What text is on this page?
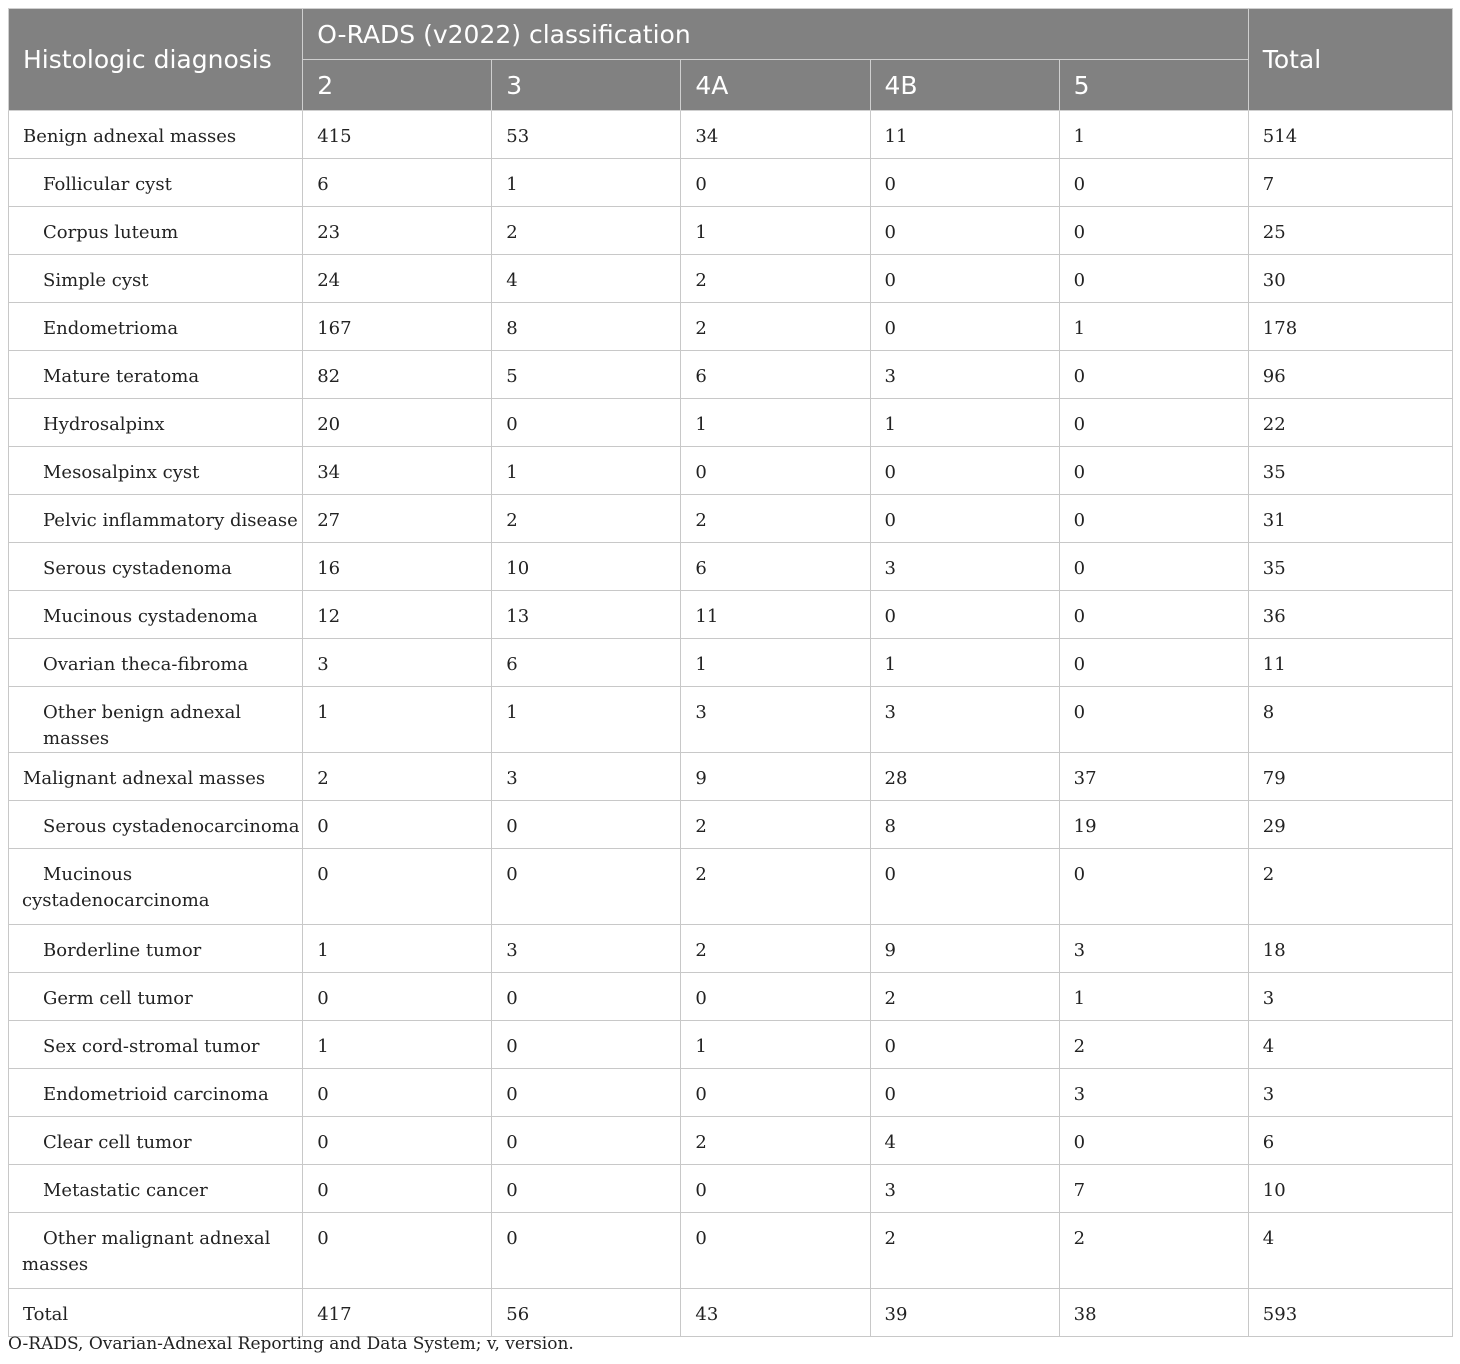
Histologic diagnosis	O-RADS (v2022) classification					Total
	2	3	4A	4B	5	
Benign adnexal masses	415	53	34	11	1	514
Follicular cyst	6	1	0	0	0	7
Corpus luteum	23	2	1	0	0	25
Simple cyst	24	4	2	0	0	30
Endometrioma	167	8	2	0	1	178
Mature teratoma	82	5	6	3	0	96
Hydrosalpinx	20	0	1	1	0	22
Mesosalpinx cyst	34	1	0	0	0	35
Pelvic inflammatory disease	27	2	2	0	0	31
Serous cystadenoma	16	10	6	3	0	35
Mucinous cystadenoma	12	13	11	0	0	36
Ovarian theca-fibroma	3	6	1	1	0	11
Other benign adnexal masses	1	1	3	3	0	8
Malignant adnexal masses	2	3	9	28	37	79
Serous cystadenocarcinoma	0	0	2	8	19	29
Mucinous cystadenocarcinoma	0	0	2	0	0	2
Borderline tumor	1	3	2	9	3	18
Germ cell tumor	0	0	0	2	1	3
Sex cord-stromal tumor	1	0	1	0	2	4
Endometrioid carcinoma	0	0	0	0	3	3
Clear cell tumor	0	0	2	4	0	6
Metastatic cancer	0	0	0	3	7	10
Other malignant adnexal masses	0	0	0	2	2	4
Total	417	56	43	39	38	593
O-RADS, Ovarian-Adnexal Reporting and Data System; v, version.
